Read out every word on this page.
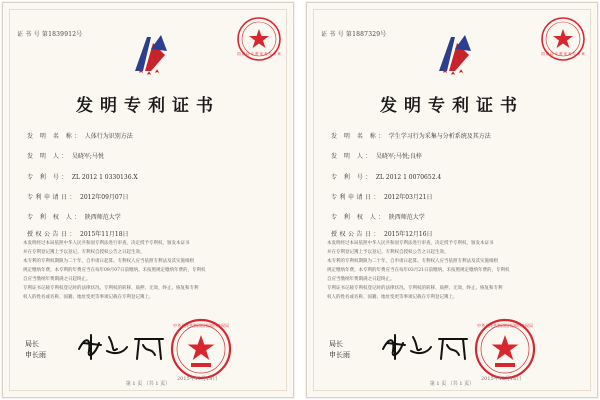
证 书 号 第1839912号
国 知 局 专 利 审 查 专 用 章
发明专利证书
发 明 名 称： 人体行为识别方法
发 明 人： 吴晓军;马悦
专 利 号： ZL 2012 1 0330136.X
专利申请日： 2012年09月07日
专 利 权 人： 陕西师范大学
授权公告日： 2015年11月18日
本发明经过本局依照中华人民共和国专利法进行审查，决定授予专利权，颁发本证书
并在专利登记簿上予以登记。专利权自授权公告之日起生效。
本专利的专利权期限为二十年，自申请日起算。专利权人应当依照专利法及其实施细则
规定缴纳年费。本专利的年费应当在每年09月07日前缴纳。未按照规定缴纳年费的，专利权
自应当缴纳年费期满之日起终止。
专利证书记载专利权登记时的法律状况。专利权的转移、质押、无效、终止、恢复和专利
权人的姓名或名称、国籍、地址变更等事项记载在专利登记簿上。
局长
申长雨
中华人民共和国国家知识产权局
2015年11月18日
第 1 页 （共 1 页）
证 书 号 第1887329号
国 知 局 专 利 审 查 专 用 章
发明专利证书
发 明 名 称： 学生学习行为采集与分析系统及其方法
发 明 人： 吴晓军;马悦;良梓
专 利 号： ZL 2012 1 0070652.4
专利申请日： 2012年03月21日
专 利 权 人： 陕西师范大学
授权公告日： 2015年12月16日
本发明经过本局依照中华人民共和国专利法进行审查，决定授予专利权，颁发本证书
并在专利登记簿上予以登记。专利权自授权公告之日起生效。
本专利的专利权期限为二十年，自申请日起算。专利权人应当依照专利法及其实施细则
规定缴纳年费。本专利的年费应当在每年03月21日前缴纳。未按照规定缴纳年费的，专利权
自应当缴纳年费期满之日起终止。
专利证书记载专利权登记时的法律状况。专利权的转移、质押、无效、终止、恢复和专利
权人的姓名或名称、国籍、地址变更等事项记载在专利登记簿上。
局长
申长雨
中华人民共和国国家知识产权局
2015年12月16日
第 1 页 （共 1 页）
